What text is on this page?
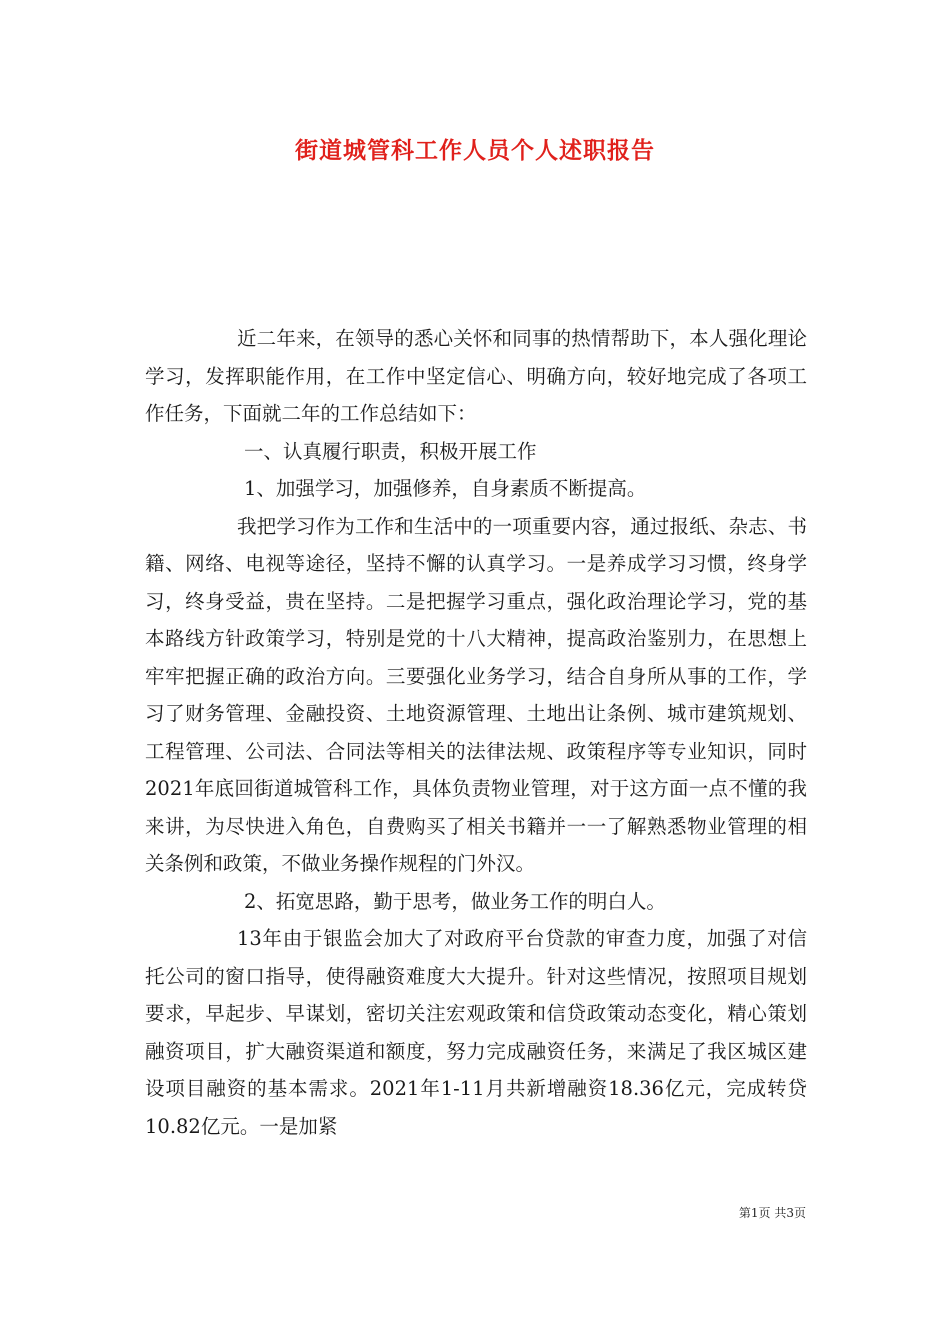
街道城管科工作人员个人述职报告

近二年来，在领导的悉心关怀和同事的热情帮助下，本人强化理论学习，发挥职能作用，在工作中坚定信心、明确方向，较好地完成了各项工作任务，下面就二年的工作总结如下：

一、认真履行职责，积极开展工作

1、加强学习，加强修养，自身素质不断提高。

我把学习作为工作和生活中的一项重要内容，通过报纸、杂志、书籍、网络、电视等途径，坚持不懈的认真学习。一是养成学习习惯，终身学习，终身受益，贵在坚持。二是把握学习重点，强化政治理论学习，党的基本路线方针政策学习，特别是党的十八大精神，提高政治鉴别力，在思想上牢牢把握正确的政治方向。三要强化业务学习，结合自身所从事的工作，学习了财务管理、金融投资、土地资源管理、土地出让条例、城市建筑规划、工程管理、公司法、合同法等相关的法律法规、政策程序等专业知识，同时2021年底回街道城管科工作，具体负责物业管理，对于这方面一点不懂的我来讲，为尽快进入角色，自费购买了相关书籍并一一了解熟悉物业管理的相关条例和政策，不做业务操作规程的门外汉。

2、拓宽思路，勤于思考，做业务工作的明白人。

13年由于银监会加大了对政府平台贷款的审查力度，加强了对信托公司的窗口指导，使得融资难度大大提升。针对这些情况，按照项目规划要求，早起步、早谋划，密切关注宏观政策和信贷政策动态变化，精心策划融资项目，扩大融资渠道和额度，努力完成融资任务，来满足了我区城区建设项目融资的基本需求。2021年1-11月共新增融资18.36亿元，完成转贷10.82亿元。一是加紧

第1页 共3页
